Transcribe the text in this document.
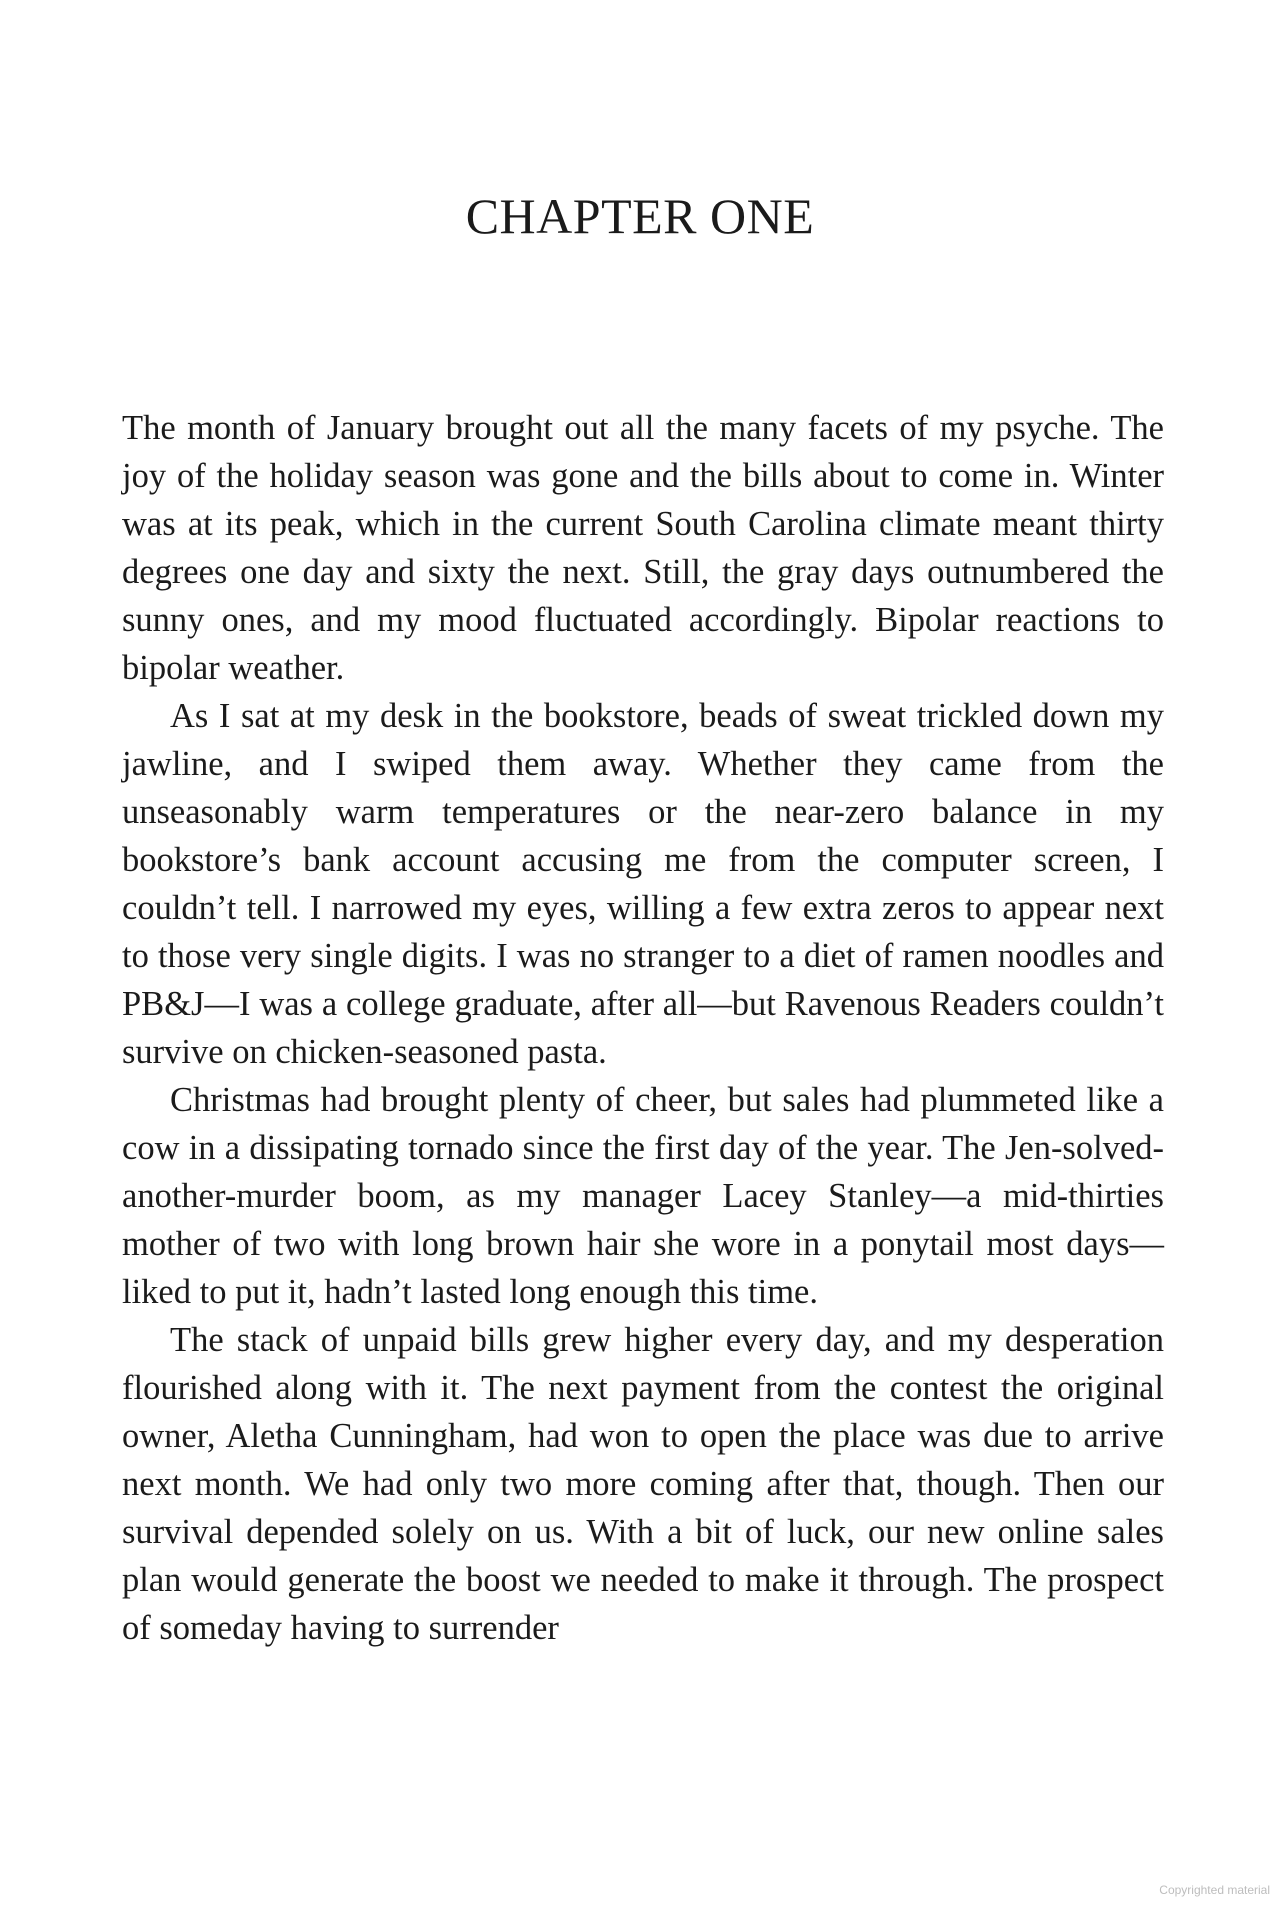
CHAPTER ONE

The month of January brought out all the many facets of my psyche. The joy of the holiday season was gone and the bills about to come in. Winter was at its peak, which in the current South Carolina climate meant thirty degrees one day and sixty the next. Still, the gray days outnumbered the sunny ones, and my mood fluctuated accordingly. Bipolar reactions to bipolar weather.

As I sat at my desk in the bookstore, beads of sweat trickled down my jawline, and I swiped them away. Whether they came from the unseasonably warm temperatures or the near-zero balance in my bookstore’s bank account accusing me from the computer screen, I couldn’t tell. I narrowed my eyes, willing a few extra zeros to appear next to those very single digits. I was no stranger to a diet of ramen noodles and PB&J—I was a college graduate, after all—but Ravenous Readers couldn’t survive on chicken-seasoned pasta.

Christmas had brought plenty of cheer, but sales had plummeted like a cow in a dissipating tornado since the first day of the year. The Jen-solved-another-murder boom, as my manager Lacey Stanley—a mid-thirties mother of two with long brown hair she wore in a ponytail most days—liked to put it, hadn’t lasted long enough this time.

The stack of unpaid bills grew higher every day, and my desperation flourished along with it. The next payment from the contest the original owner, Aletha Cunningham, had won to open the place was due to arrive next month. We had only two more coming after that, though. Then our survival depended solely on us. With a bit of luck, our new online sales plan would generate the boost we needed to make it through. The prospect of someday having to surrender

Copyrighted material
